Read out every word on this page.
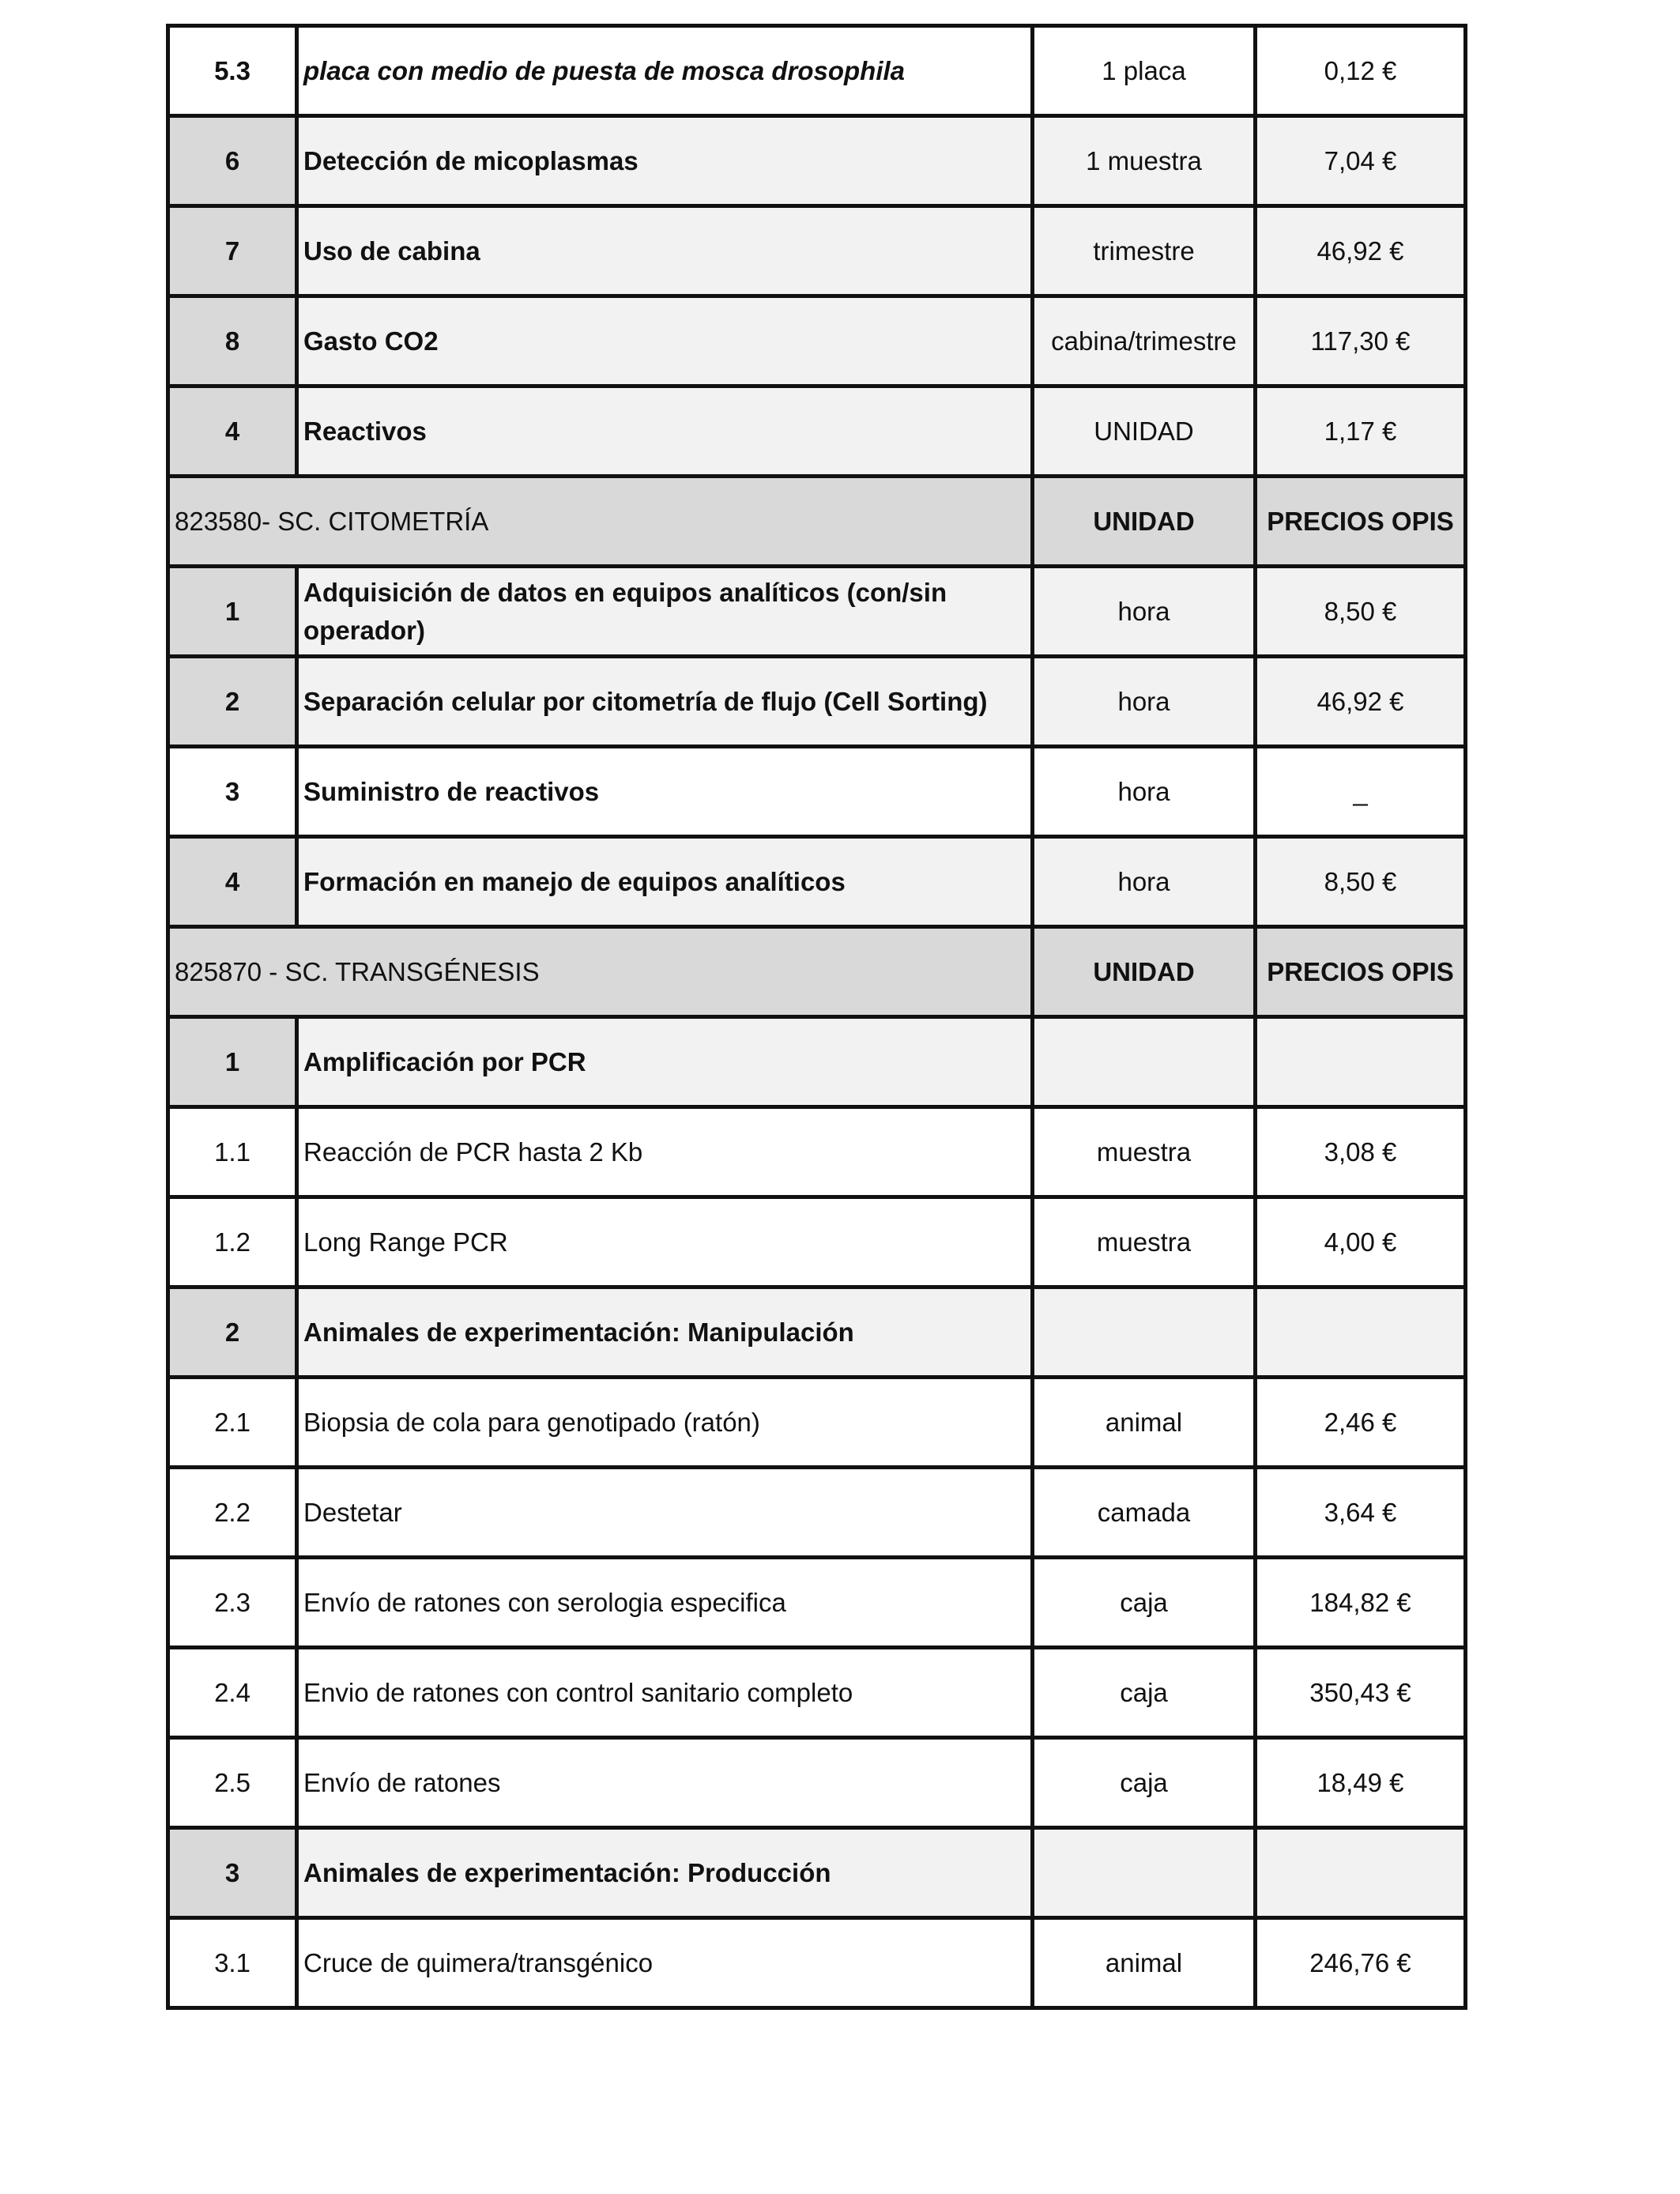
5.3	placa con medio de puesta de mosca drosophila	1 placa	0,12 €
6	Detección de micoplasmas	1 muestra	7,04 €
7	Uso de cabina	trimestre	46,92 €
8	Gasto CO2	cabina/trimestre	117,30 €
4	Reactivos	UNIDAD	1,17 €
823580- SC. CITOMETRÍA		UNIDAD	PRECIOS OPIS
1	Adquisición de datos en equipos analíticos (con/sin operador)	hora	8,50 €
2	Separación celular por citometría de flujo (Cell Sorting)	hora	46,92 €
3	Suministro de reactivos	hora	_
4	Formación en manejo de equipos analíticos	hora	8,50 €
825870 - SC. TRANSGÉNESIS		UNIDAD	PRECIOS OPIS
1	Amplificación por PCR		
1.1	Reacción de PCR hasta 2 Kb	muestra	3,08 €
1.2	Long Range PCR	muestra	4,00 €
2	Animales de experimentación: Manipulación		
2.1	Biopsia de cola para genotipado (ratón)	animal	2,46 €
2.2	Destetar	camada	3,64 €
2.3	Envío de ratones con serologia especifica	caja	184,82 €
2.4	Envio de ratones con control sanitario completo	caja	350,43 €
2.5	Envío de ratones	caja	18,49 €
3	Animales de experimentación: Producción		
3.1	Cruce de quimera/transgénico	animal	246,76 €
